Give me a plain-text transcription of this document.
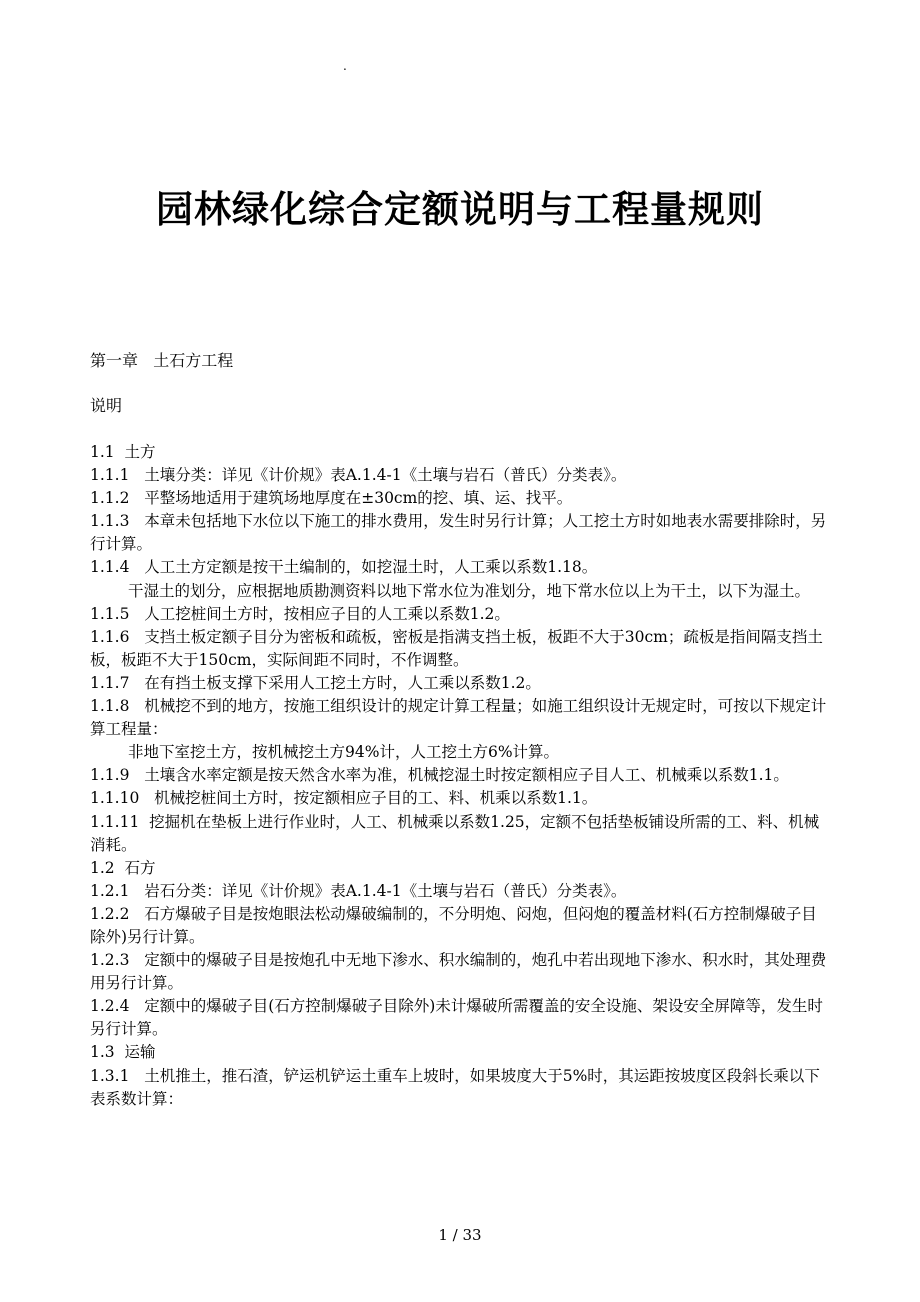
.
园林绿化综合定额说明与工程量规则
第一章   土石方工程
说明

1.1  土方

1.1.1   土壤分类：详见《计价规》表A.1.4-1《土壤与岩石（普氏）分类表》。

1.1.2   平整场地适用于建筑场地厚度在±30cm的挖、填、运、找平。

1.1.3   本章未包括地下水位以下施工的排水费用，发生时另行计算；人工挖土方时如地表水需要排除时，另行计算。

1.1.4   人工土方定额是按干土编制的，如挖湿土时，人工乘以系数1.18。

干湿土的划分，应根据地质勘测资料以地下常水位为准划分，地下常水位以上为干土，以下为湿土。

1.1.5   人工挖桩间土方时，按相应子目的人工乘以系数1.2。

1.1.6   支挡土板定额子目分为密板和疏板，密板是指满支挡土板，板距不大于30cm；疏板是指间隔支挡土板，板距不大于150cm，实际间距不同时，不作调整。

1.1.7   在有挡土板支撑下采用人工挖土方时，人工乘以系数1.2。

1.1.8   机械挖不到的地方，按施工组织设计的规定计算工程量；如施工组织设计无规定时，可按以下规定计算工程量：

非地下室挖土方，按机械挖土方94%计，人工挖土方6%计算。

1.1.9   土壤含水率定额是按天然含水率为准，机械挖湿土时按定额相应子目人工、机械乘以系数1.1。

1.1.10   机械挖桩间土方时，按定额相应子目的工、料、机乘以系数1.1。

1.1.11  挖掘机在垫板上进行作业时，人工、机械乘以系数1.25，定额不包括垫板铺设所需的工、料、机械消耗。

1.2  石方

1.2.1   岩石分类：详见《计价规》表A.1.4-1《土壤与岩石（普氏）分类表》。

1.2.2   石方爆破子目是按炮眼法松动爆破编制的，不分明炮、闷炮，但闷炮的覆盖材料(石方控制爆破子目除外)另行计算。

1.2.3   定额中的爆破子目是按炮孔中无地下渗水、积水编制的，炮孔中若出现地下渗水、积水时，其处理费用另行计算。

1.2.4   定额中的爆破子目(石方控制爆破子目除外)未计爆破所需覆盖的安全设施、架设安全屏障等，发生时另行计算。

1.3  运输

1.3.1   土机推土，推石渣，铲运机铲运土重车上坡时，如果坡度大于5%时，其运距按坡度区段斜长乘以下表系数计算：

1 / 33
